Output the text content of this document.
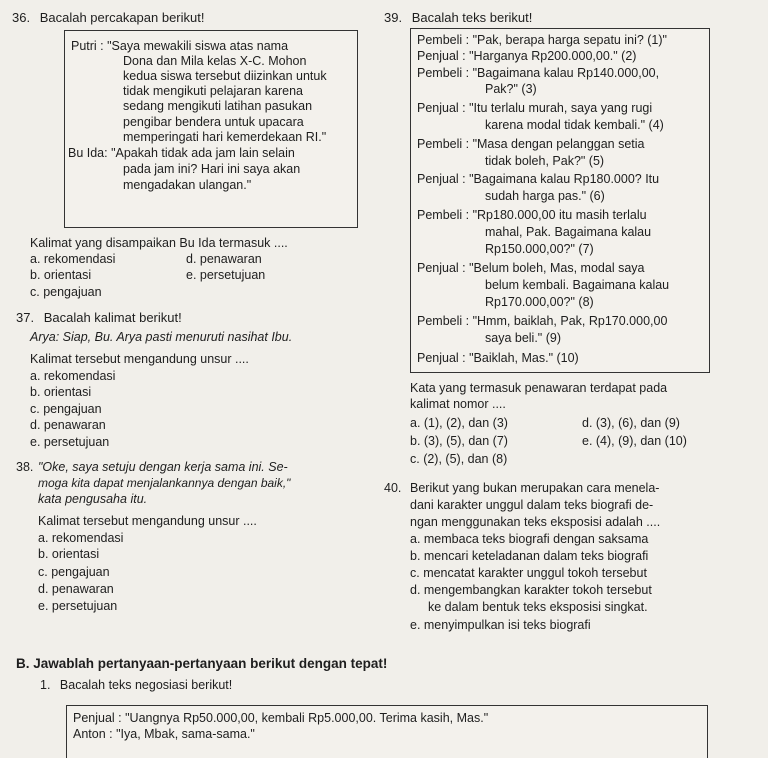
36. Bacalah percakapan berikut!
Putri : "Saya mewakili siswa atas nama
Dona dan Mila kelas X-C. Mohon
kedua siswa tersebut diizinkan untuk
tidak mengikuti pelajaran karena
sedang mengikuti latihan pasukan
pengibar bendera untuk upacara
memperingati hari kemerdekaan RI."
Bu Ida: "Apakah tidak ada jam lain selain
pada jam ini? Hari ini saya akan
mengadakan ulangan."
Kalimat yang disampaikan Bu Ida termasuk ....
a. rekomendasi	d. penawaran
b. orientasi	e. persetujuan
c. pengajuan
37. Bacalah kalimat berikut!
Arya: Siap, Bu. Arya pasti menuruti nasihat Ibu.
Kalimat tersebut mengandung unsur ....
a. rekomendasi
b. orientasi
c. pengajuan
d. penawaran
e. persetujuan
38. "Oke, saya setuju dengan kerja sama ini. Se-
moga kita dapat menjalankannya dengan baik,"
kata pengusaha itu.
Kalimat tersebut mengandung unsur ....
a. rekomendasi
b. orientasi
c. pengajuan
d. penawaran
e. persetujuan
39. Bacalah teks berikut!
Pembeli : "Pak, berapa harga sepatu ini? (1)"
Penjual : "Harganya Rp200.000,00." (2)
Pembeli : "Bagaimana kalau Rp140.000,00,
Pak?" (3)
Penjual : "Itu terlalu murah, saya yang rugi
karena modal tidak kembali." (4)
Pembeli : "Masa dengan pelanggan setia
tidak boleh, Pak?" (5)
Penjual : "Bagaimana kalau Rp180.000? Itu
sudah harga pas." (6)
Pembeli : "Rp180.000,00 itu masih terlalu
mahal, Pak. Bagaimana kalau
Rp150.000,00?" (7)
Penjual : "Belum boleh, Mas, modal saya
belum kembali. Bagaimana kalau
Rp170.000,00?" (8)
Pembeli : "Hmm, baiklah, Pak, Rp170.000,00
saya beli." (9)
Penjual : "Baiklah, Mas." (10)
Kata yang termasuk penawaran terdapat pada
kalimat nomor ....
a. (1), (2), dan (3)	d. (3), (6), dan (9)
b. (3), (5), dan (7)	e. (4), (9), dan (10)
c. (2), (5), dan (8)
40. Berikut yang bukan merupakan cara menela-
dani karakter unggul dalam teks biografi de-
ngan menggunakan teks eksposisi adalah ....
a. membaca teks biografi dengan saksama
b. mencari keteladanan dalam teks biografi
c. mencatat karakter unggul tokoh tersebut
d. mengembangkan karakter tokoh tersebut
ke dalam bentuk teks eksposisi singkat.
e. menyimpulkan isi teks biografi
B. Jawablah pertanyaan-pertanyaan berikut dengan tepat!
1. Bacalah teks negosiasi berikut!
Penjual : "Uangnya Rp50.000,00, kembali Rp5.000,00. Terima kasih, Mas."
Anton : "Iya, Mbak, sama-sama."
